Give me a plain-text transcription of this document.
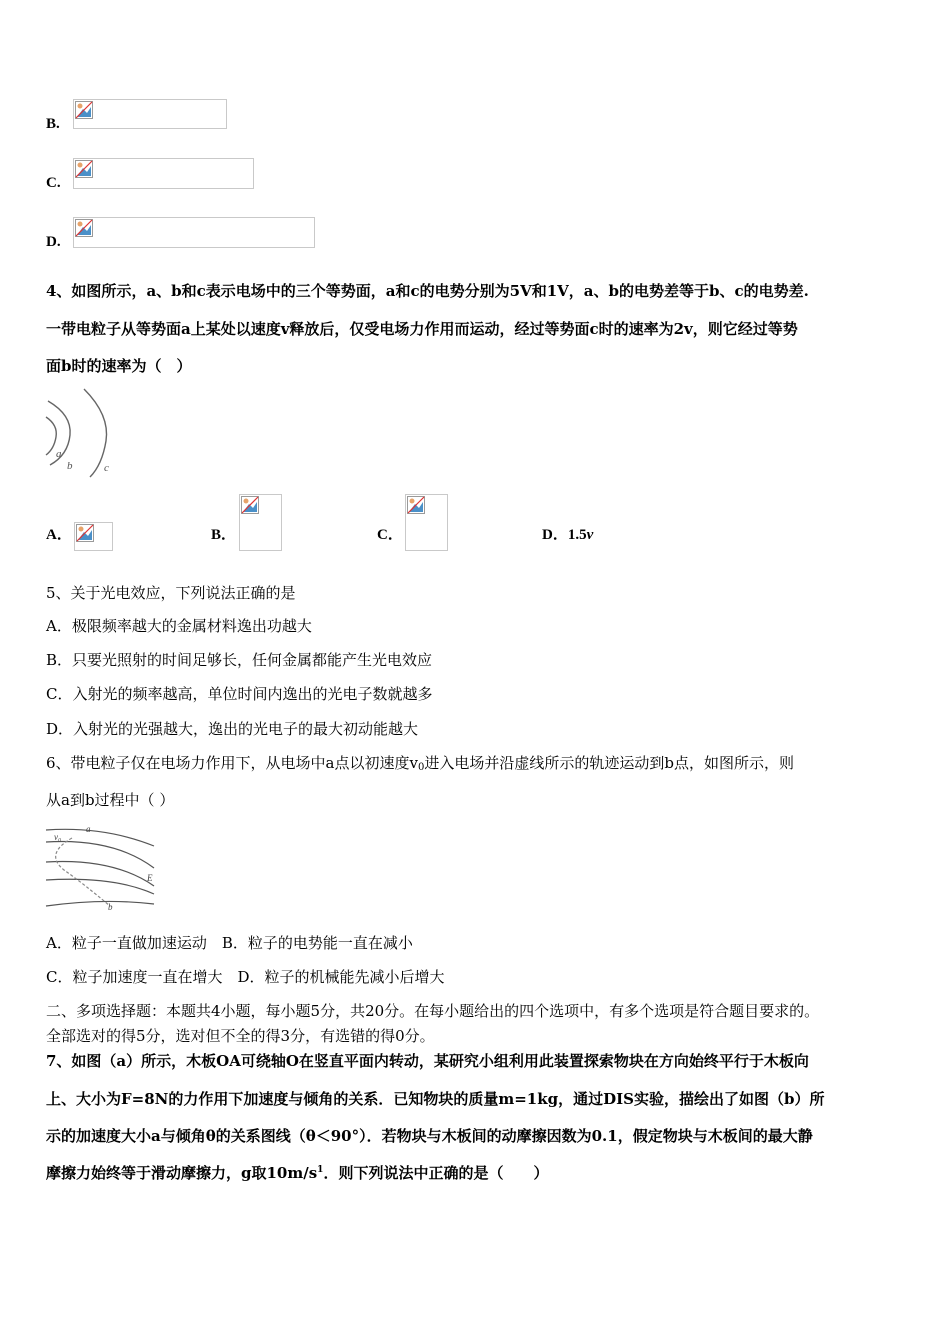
B.
C.
D.
4、如图所示，a、b和c表示电场中的三个等势面，a和c的电势分别为5V和1V，a、b的电势差等于b、c的电势差.
一带电粒子从等势面a上某处以速度v释放后，仅受电场力作用而运动，经过等势面c时的速率为2v，则它经过等势
面b时的速率为（　）
a
b	c
A．	B．	C．	D．1.5v
5、关于光电效应，下列说法正确的是
A．极限频率越大的金属材料逸出功越大
B．只要光照射的时间足够长，任何金属都能产生光电效应
C．入射光的频率越高，单位时间内逸出的光电子数就越多
D．入射光的光强越大，逸出的光电子的最大初动能越大
6、带电粒子仅在电场力作用下，从电场中a点以初速度$v_0$进入电场并沿虚线所示的轨迹运动到b点，如图所示，则
从a到b过程中（ ）
v₀
a
E
b
A．粒子一直做加速运动　B．粒子的电势能一直在减小
C．粒子加速度一直在增大　D．粒子的机械能先减小后增大
二、多项选择题：本题共4小题，每小题5分，共20分。在每小题给出的四个选项中，有多个选项是符合题目要求的。
全部选对的得5分，选对但不全的得3分，有选错的得0分。
7、如图（a）所示，木板OA可绕轴O在竖直平面内转动，某研究小组利用此装置探索物块在方向始终平行于木板向
上、大小为F=8N的力作用下加速度与倾角的关系．已知物块的质量m=1kg，通过DIS实验，描绘出了如图（b）所
示的加速度大小a与倾角θ的关系图线（θ＜90°）．若物块与木板间的动摩擦因数为0.1，假定物块与木板间的最大静
摩擦力始终等于滑动摩擦力，g取$10m/s^1$．则下列说法中正确的是（　　）
